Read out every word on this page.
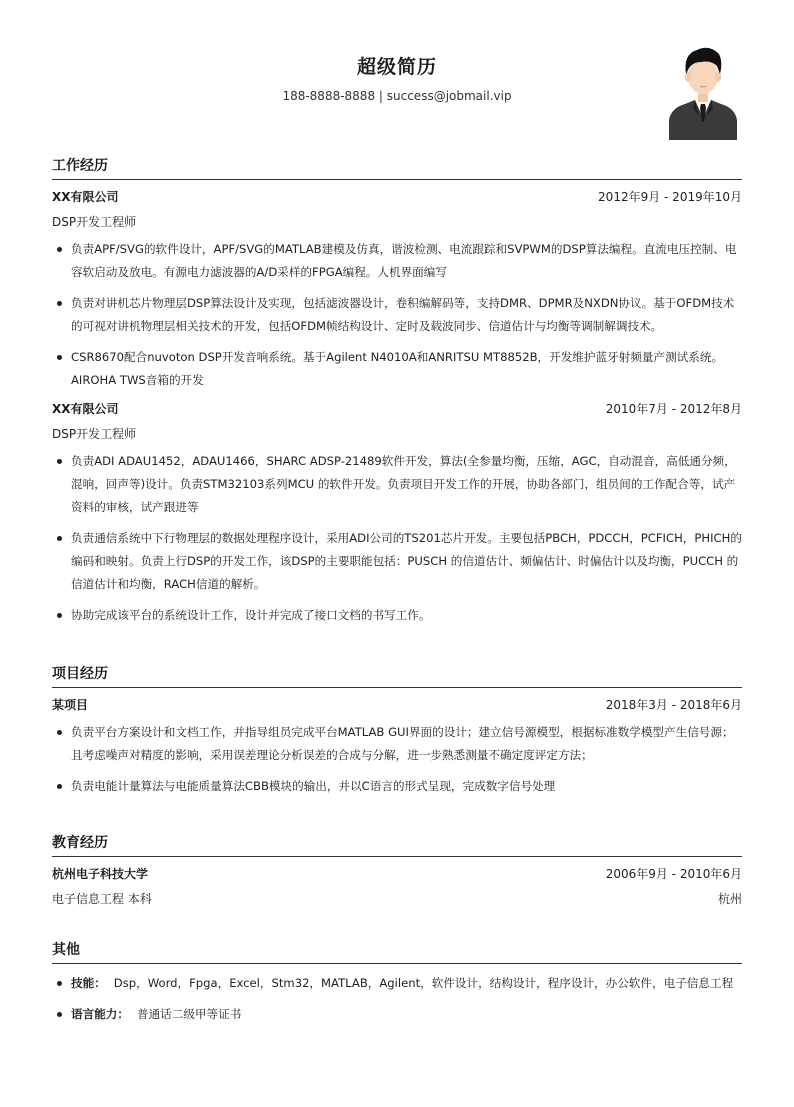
超级简历
188-8888-8888 | success@jobmail.vip
工作经历
XX有限公司	2012年9月 - 2019年10月
DSP开发工程师
负责APF/SVG的软件设计，APF/SVG的MATLAB建模及仿真，谐波检测、电流跟踪和SVPWM的DSP算法编程。直流电压控制、电容软启动及放电。有源电力滤波器的A/D采样的FPGA编程。人机界面编写
负责对讲机芯片物理层DSP算法设计及实现，包括滤波器设计，卷积编解码等，支持DMR、DPMR及NXDN协议。基于OFDM技术的可视对讲机物理层相关技术的开发，包括OFDM帧结构设计、定时及载波同步、信道估计与均衡等调制解调技术。
CSR8670配合nuvoton DSP开发音响系统。基于Agilent N4010A和ANRITSU MT8852B，开发维护蓝牙射频量产测试系统。AIROHA TWS音箱的开发
XX有限公司	2010年7月 - 2012年8月
DSP开发工程师
负责ADI ADAU1452，ADAU1466，SHARC ADSP-21489软件开发，算法(全参量均衡，压缩，AGC，自动混音，高低通分频，混响，回声等)设计。负责STM32103系列MCU 的软件开发。负责项目开发工作的开展，协助各部门，组员间的工作配合等，试产资料的审核，试产跟进等
负责通信系统中下行物理层的数据处理程序设计，采用ADI公司的TS201芯片开发。主要包括PBCH，PDCCH，PCFICH，PHICH的编码和映射。负责上行DSP的开发工作，该DSP的主要职能包括：PUSCH 的信道估计、频偏估计、时偏估计以及均衡，PUCCH 的信道估计和均衡，RACH信道的解析。
协助完成该平台的系统设计工作，设计并完成了接口文档的书写工作。
项目经历
某项目	2018年3月 - 2018年6月
负责平台方案设计和文档工作，并指导组员完成平台MATLAB GUI界面的设计；建立信号源模型，根据标准数学模型产生信号源；且考虑噪声对精度的影响，采用误差理论分析误差的合成与分解，进一步熟悉测量不确定度评定方法；
负责电能计量算法与电能质量算法CBB模块的输出，并以C语言的形式呈现，完成数字信号处理
教育经历
杭州电子科技大学	2006年9月 - 2010年6月
电子信息工程 本科	杭州
其他
技能： Dsp，Word，Fpga，Excel，Stm32，MATLAB，Agilent，软件设计，结构设计，程序设计，办公软件，电子信息工程
语言能力： 普通话二级甲等证书
